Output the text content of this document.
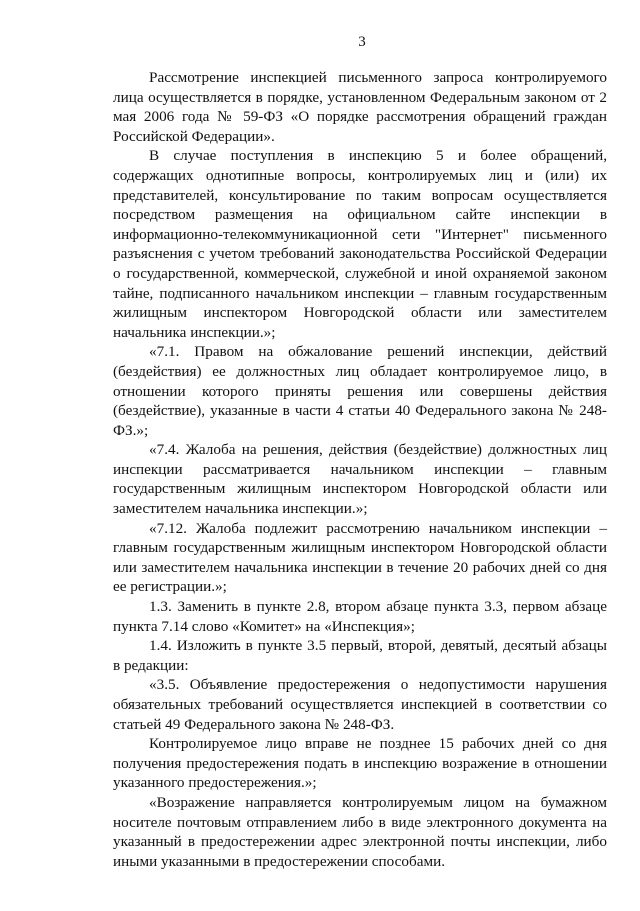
3

Рассмотрение инспекцией письменного запроса контролируемого лица осуществляется в порядке, установленном Федеральным законом от 2 мая 2006 года № 59-ФЗ «О порядке рассмотрения обращений граждан Российской Федерации».

В случае поступления в инспекцию 5 и более обращений, содержащих однотипные вопросы, контролируемых лиц и (или) их представителей, консультирование по таким вопросам осуществляется посредством размещения на официальном сайте инспекции в информационно-телекоммуникационной сети "Интернет" письменного разъяснения с учетом требований законодательства Российской Федерации о государственной, коммерческой, служебной и иной охраняемой законом тайне, подписанного начальником инспекции – главным государственным жилищным инспектором Новгородской области или заместителем начальника инспекции.»;

«7.1. Правом на обжалование решений инспекции, действий (бездействия) ее должностных лиц обладает контролируемое лицо, в отношении которого приняты решения или совершены действия (бездействие), указанные в части 4 статьи 40 Федерального закона № 248-ФЗ.»;

«7.4. Жалоба на решения, действия (бездействие) должностных лиц инспекции рассматривается начальником инспекции – главным государственным жилищным инспектором Новгородской области или заместителем начальника инспекции.»;

«7.12. Жалоба подлежит рассмотрению начальником инспекции – главным государственным жилищным инспектором Новгородской области или заместителем начальника инспекции в течение 20 рабочих дней со дня ее регистрации.»;

1.3. Заменить в пункте 2.8, втором абзаце пункта 3.3, первом абзаце пункта 7.14 слово «Комитет» на «Инспекция»;

1.4. Изложить в пункте 3.5 первый, второй, девятый, десятый абзацы в редакции:

«3.5. Объявление предостережения о недопустимости нарушения обязательных требований осуществляется инспекцией в соответствии со статьей 49 Федерального закона № 248-ФЗ.

Контролируемое лицо вправе не позднее 15 рабочих дней со дня получения предостережения подать в инспекцию возражение в отношении указанного предостережения.»;

«Возражение направляется контролируемым лицом на бумажном носителе почтовым отправлением либо в виде электронного документа на указанный в предостережении адрес электронной почты инспекции, либо иными указанными в предостережении способами.
